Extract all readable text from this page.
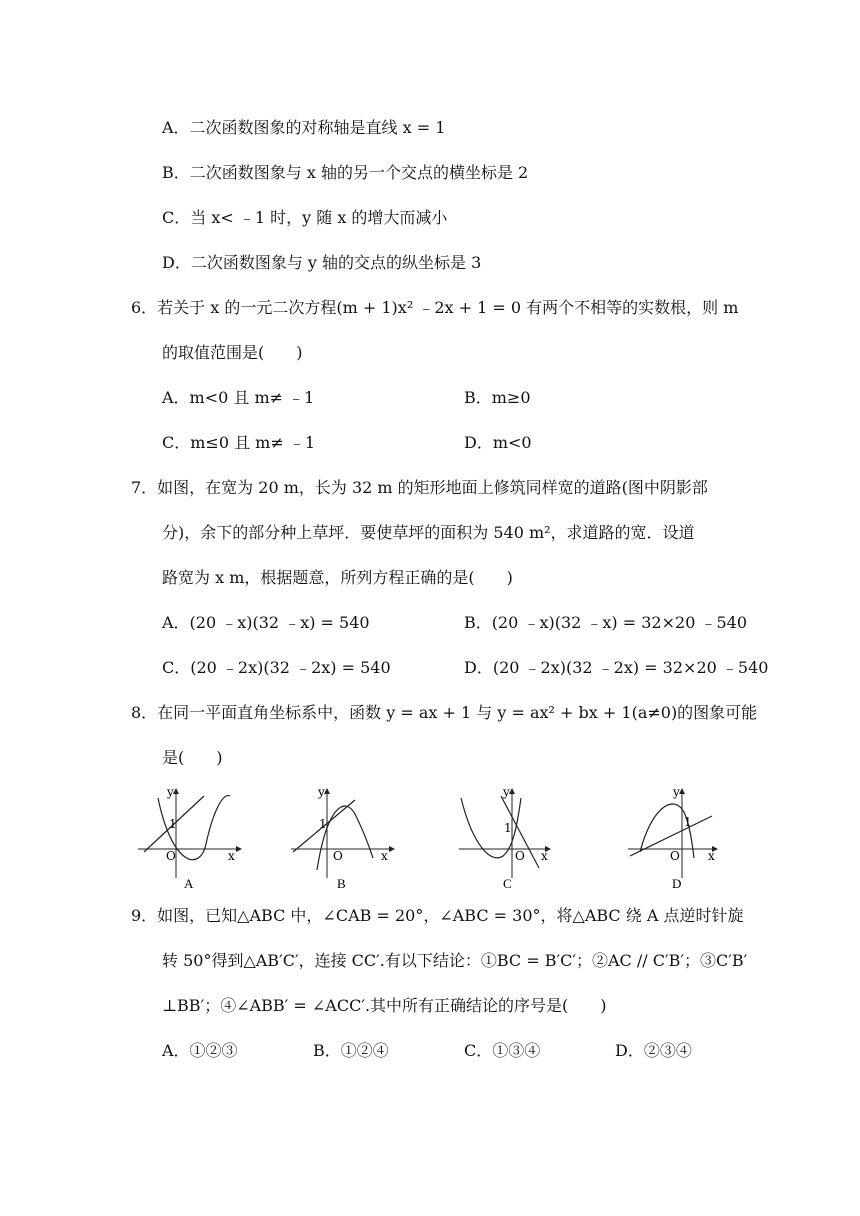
A．二次函数图象的对称轴是直线 x = 1
B．二次函数图象与 x 轴的另一个交点的横坐标是 2
C．当 x< ﹣1 时，y 随 x 的增大而减小
D．二次函数图象与 y 轴的交点的纵坐标是 3
6．若关于 x 的一元二次方程(m + 1)x² ﹣2x + 1 = 0 有两个不相等的实数根，则 m
的取值范围是(　　)
A．m<0 且 m≠ ﹣1	B．m≥0
C．m≤0 且 m≠ ﹣1	D．m<0
7．如图，在宽为 20 m，长为 32 m 的矩形地面上修筑同样宽的道路(图中阴影部
分)，余下的部分种上草坪．要使草坪的面积为 540 m²，求道路的宽．设道
路宽为 x m，根据题意，所列方程正确的是(　　)
A．(20 ﹣x)(32 ﹣x) = 540	B．(20 ﹣x)(32 ﹣x) = 32×20 ﹣540
C．(20 ﹣2x)(32 ﹣2x) = 540	D．(20 ﹣2x)(32 ﹣2x) = 32×20 ﹣540
8．在同一平面直角坐标系中，函数 y = ax + 1 与 y = ax² + bx + 1(a≠0)的图象可能
是(　　)
y
1
O	x
A
y
1
O	x
B
y
1
O x
C
y
1
O x
D
9．如图，已知△ABC 中，∠CAB = 20°，∠ABC = 30°，将△ABC 绕 A 点逆时针旋
转 50°得到△AB′C′，连接 CC′.有以下结论：①BC = B′C′；②AC // C′B′；③C′B′
⊥BB′；④∠ABB′ = ∠ACC′.其中所有正确结论的序号是(　　)
A．①②③	B．①②④	C．①③④	D．②③④
